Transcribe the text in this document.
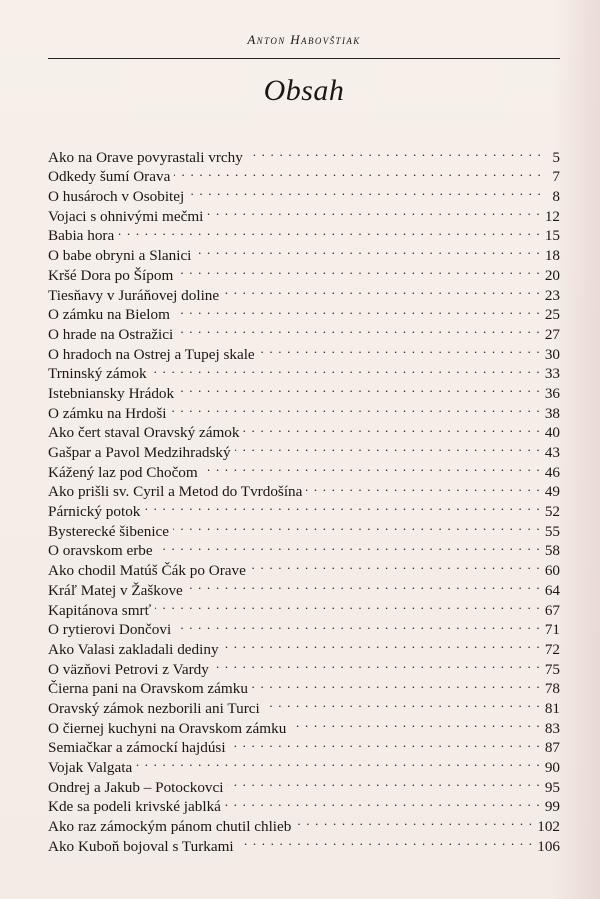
Anton Habovštiak
Obsah
Ako na Orave povyrastali vrchy . . .	5
Odkedy šumí Orava . . .	7
O husároch v Osobitej . . .	8
Vojaci s ohnivými mečmi . . .	12
Babia hora . . .	15
O babe obryni a Slanici . . .	18
Kršé Dora po Šípom . . .	20
Tiesňavy v Juráňovej doline . . .	23
O zámku na Bielom . . .	25
O hrade na Ostražici . . .	27
O hradoch na Ostrej a Tupej skale . . .	30
Trninský zámok . . .	33
Istebniansky Hrádok . . .	36
O zámku na Hrdoši . . .	38
Ako čert staval Oravský zámok . . .	40
Gašpar a Pavol Medzihradský . . .	43
Kážený laz pod Chočom . . .	46
Ako prišli sv. Cyril a Metod do Tvrdošína . . .	49
Párnický potok . . .	52
Bysterecké šibenice . . .	55
O oravskom erbe . . .	58
Ako chodil Matúš Čák po Orave . . .	60
Kráľ Matej v Žaškove . . .	64
Kapitánova smrť . . .	67
O rytierovi Dončovi . . .	71
Ako Valasi zakladali dediny . . .	72
O väzňovi Petrovi z Vardy . . .	75
Čierna pani na Oravskom zámku . . .	78
Oravský zámok nezborili ani Turci . . .	81
O čiernej kuchyni na Oravskom zámku . . .	83
Semiačkar a zámockí hajdúsi . . .	87
Vojak Valgata . . .	90
Ondrej a Jakub – Potockovci . . .	95
Kde sa podeli krivské jablká . . .	99
Ako raz zámockým pánom chutil chlieb . . .	102
Ako Kuboň bojoval s Turkami . . .	106
